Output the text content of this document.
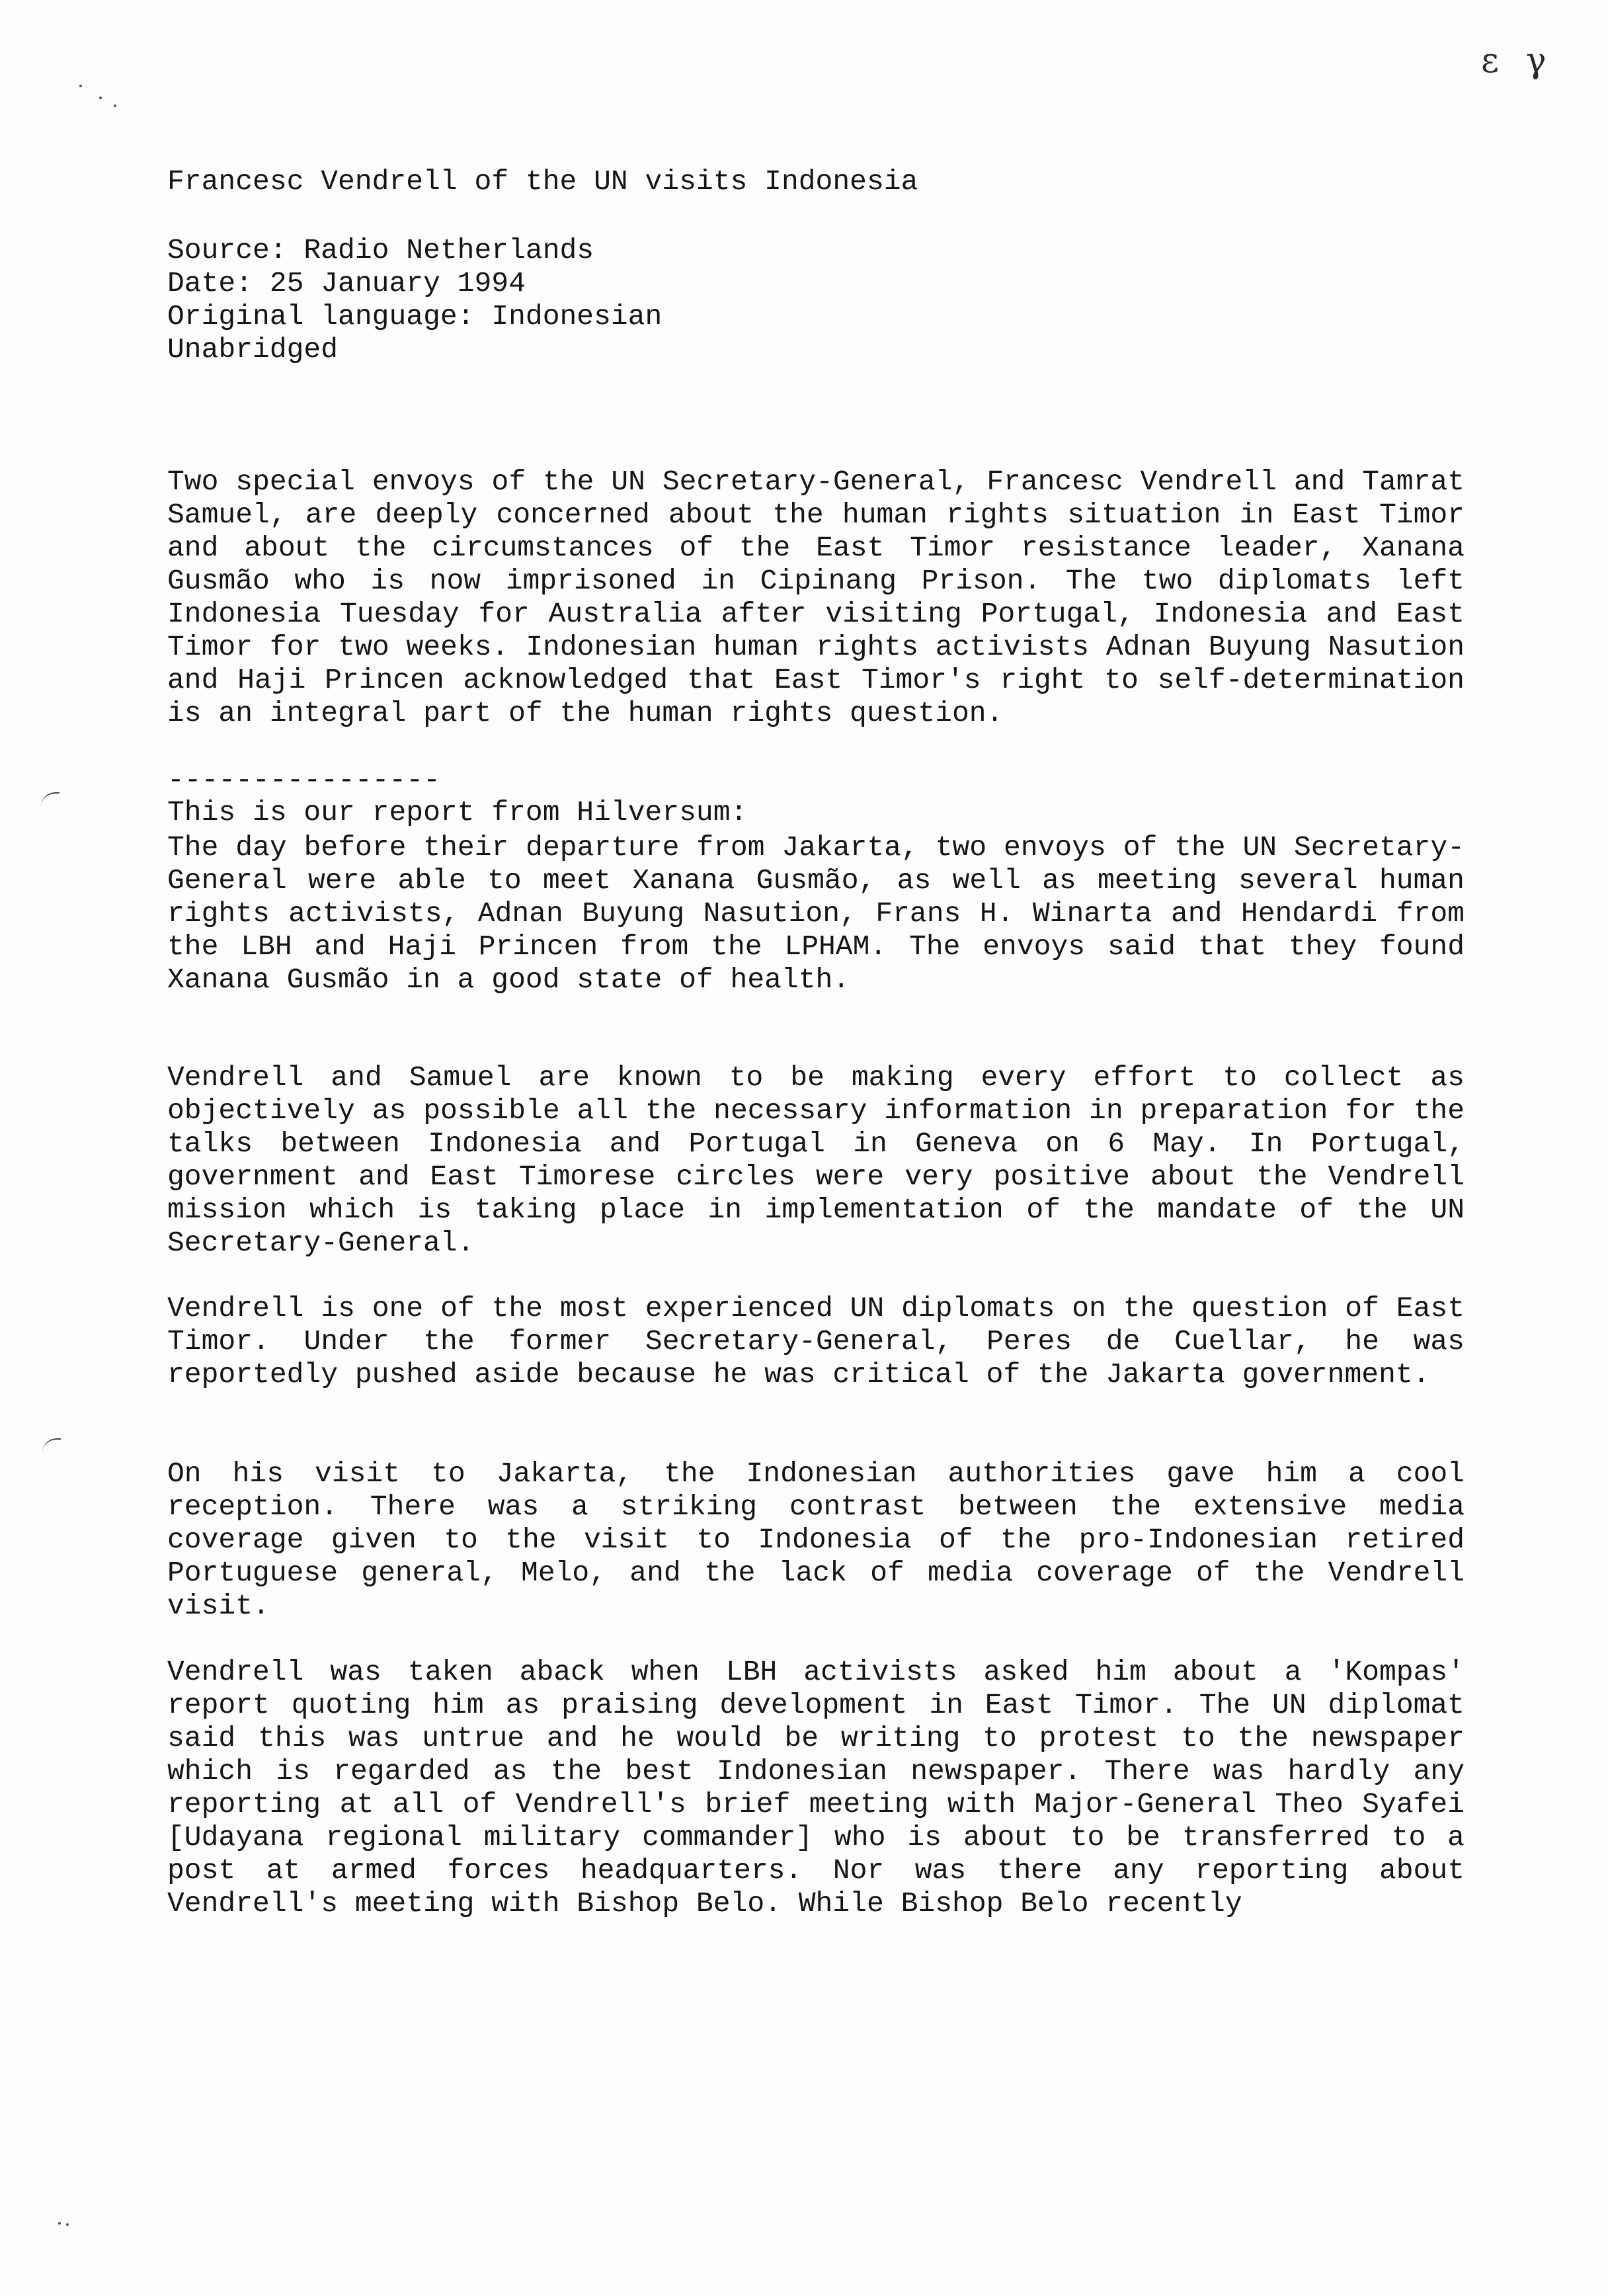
ε γ

Francesc Vendrell of the UN visits Indonesia

Source: Radio Netherlands
Date: 25 January 1994
Original language: Indonesian
Unabridged

Two special envoys of the UN Secretary-General, Francesc Vendrell and Tamrat Samuel, are deeply concerned about the human rights situation in East Timor and about the circumstances of the East Timor resistance leader, Xanana Gusmão who is now imprisoned in Cipinang Prison. The two diplomats left Indonesia Tuesday for Australia after visiting Portugal, Indonesia and East Timor for two weeks. Indonesian human rights activists Adnan Buyung Nasution and Haji Princen acknowledged that East Timor's right to self-determination is an integral part of the human rights question.

This is our report from Hilversum:

----------------

The day before their departure from Jakarta, two envoys of the UN Secretary-General were able to meet Xanana Gusmão, as well as meeting several human rights activists, Adnan Buyung Nasution, Frans H. Winarta and Hendardi from the LBH and Haji Princen from the LPHAM. The envoys said that they found Xanana Gusmão in a good state of health.

Vendrell and Samuel are known to be making every effort to collect as objectively as possible all the necessary information in preparation for the talks between Indonesia and Portugal in Geneva on 6 May. In Portugal, government and East Timorese circles were very positive about the Vendrell mission which is taking place in implementation of the mandate of the UN Secretary-General.

Vendrell is one of the most experienced UN diplomats on the question of East Timor. Under the former Secretary-General, Peres de Cuellar, he was reportedly pushed aside because he was critical of the Jakarta government.

On his visit to Jakarta, the Indonesian authorities gave him a cool reception. There was a striking contrast between the extensive media coverage given to the visit to Indonesia of the pro-Indonesian retired Portuguese general, Melo, and the lack of media coverage of the Vendrell visit.

Vendrell was taken aback when LBH activists asked him about a 'Kompas' report quoting him as praising development in East Timor. The UN diplomat said this was untrue and he would be writing to protest to the newspaper which is regarded as the best Indonesian newspaper. There was hardly any reporting at all of Vendrell's brief meeting with Major-General Theo Syafei [Udayana regional military commander] who is about to be transferred to a post at armed forces headquarters. Nor was there any reporting about Vendrell's meeting with Bishop Belo. While Bishop Belo recently
